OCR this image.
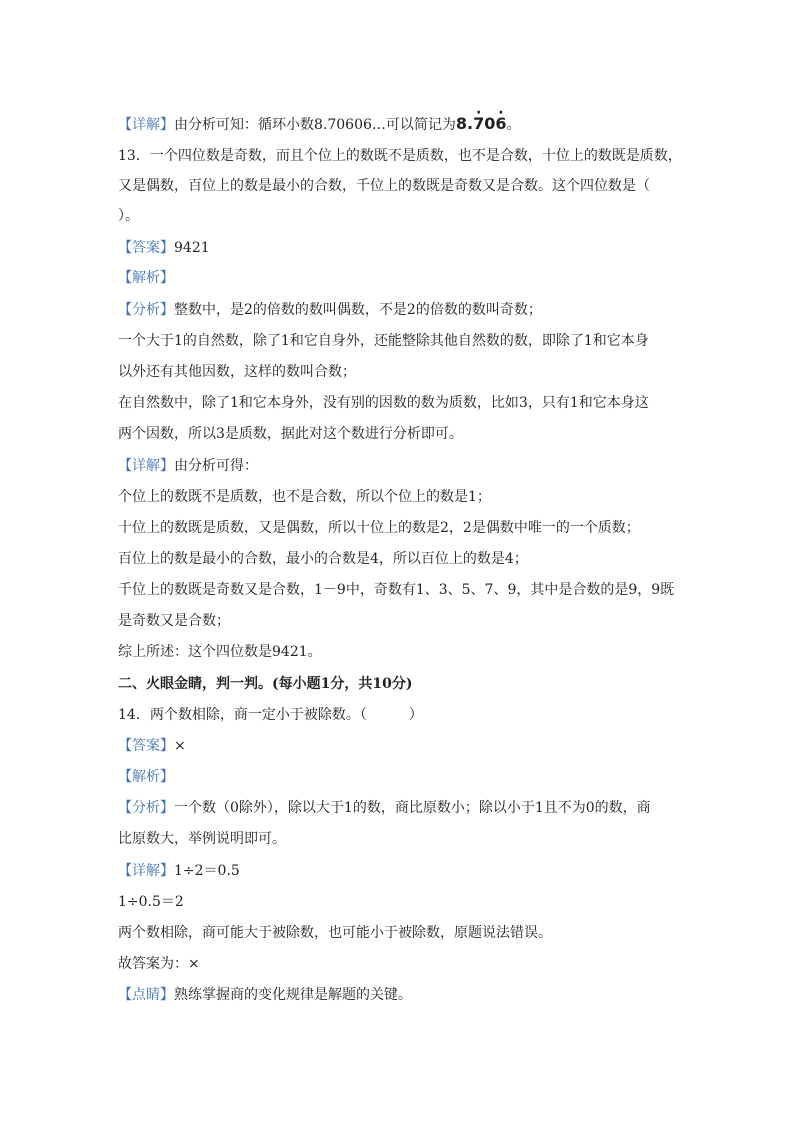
【详解】由分析可知：循环小数8.70606…可以简记为8.· 70· 6。
13．一个四位数是奇数，而且个位上的数既不是质数，也不是合数，十位上的数既是质数，
又是偶数，百位上的数是最小的合数，千位上的数既是奇数又是合数。这个四位数是（
）。
【答案】9421
【解析】
【分析】整数中，是2的倍数的数叫偶数，不是2的倍数的数叫奇数；
一个大于1的自然数，除了1和它自身外，还能整除其他自然数的数，即除了1和它本身
以外还有其他因数，这样的数叫合数；
在自然数中，除了1和它本身外，没有别的因数的数为质数，比如3，只有1和它本身这
两个因数，所以3是质数，据此对这个数进行分析即可。
【详解】由分析可得：
个位上的数既不是质数，也不是合数，所以个位上的数是1；
十位上的数既是质数，又是偶数，所以十位上的数是2，2是偶数中唯一的一个质数；
百位上的数是最小的合数，最小的合数是4，所以百位上的数是4；
千位上的数既是奇数又是合数，1－9中，奇数有1、3、5、7、9，其中是合数的是9，9既
是奇数又是合数；
综上所述：这个四位数是9421。
二、火眼金睛，判一判。(每小题1分，共10分)
14．两个数相除，商一定小于被除数。（　　　）
【答案】×
【解析】
【分析】一个数（0除外），除以大于1的数，商比原数小；除以小于1且不为0的数，商
比原数大，举例说明即可。
【详解】1÷2＝0.5
1÷0.5＝2
两个数相除，商可能大于被除数，也可能小于被除数，原题说法错误。
故答案为：×
【点睛】熟练掌握商的变化规律是解题的关键。
